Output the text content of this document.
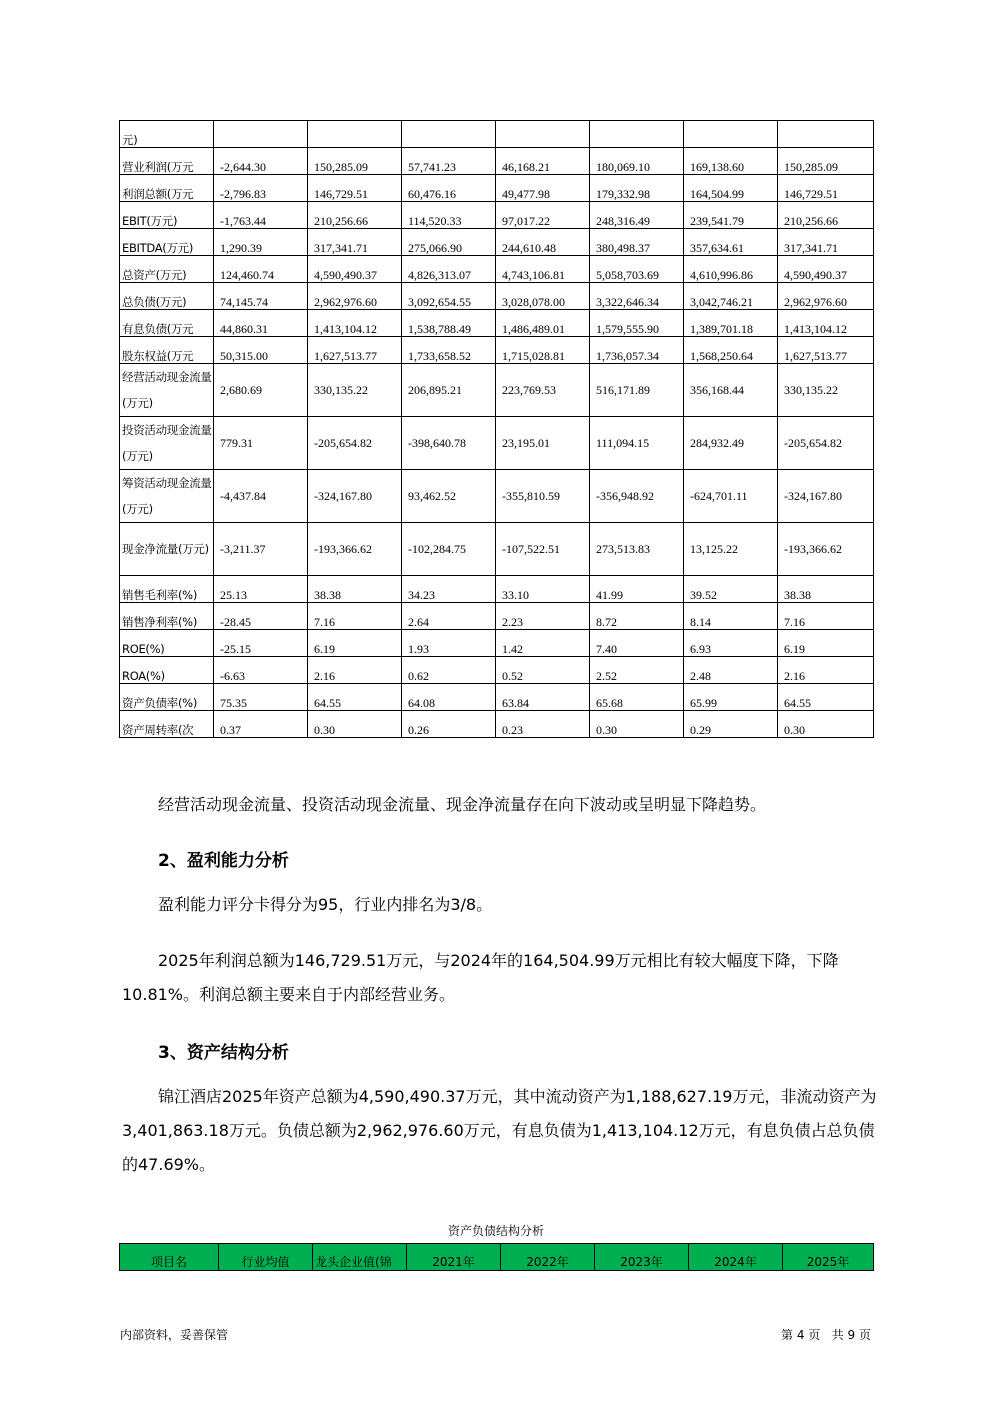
元)							
营业利润(万元	-2,644.30	150,285.09	57,741.23	46,168.21	180,069.10	169,138.60	150,285.09
利润总额(万元	-2,796.83	146,729.51	60,476.16	49,477.98	179,332.98	164,504.99	146,729.51
EBIT(万元)	-1,763.44	210,256.66	114,520.33	97,017.22	248,316.49	239,541.79	210,256.66
EBITDA(万元)	1,290.39	317,341.71	275,066.90	244,610.48	380,498.37	357,634.61	317,341.71
总资产(万元)	124,460.74	4,590,490.37	4,826,313.07	4,743,106.81	5,058,703.69	4,610,996.86	4,590,490.37
总负债(万元)	74,145.74	2,962,976.60	3,092,654.55	3,028,078.00	3,322,646.34	3,042,746.21	2,962,976.60
有息负债(万元	44,860.31	1,413,104.12	1,538,788.49	1,486,489.01	1,579,555.90	1,389,701.18	1,413,104.12
股东权益(万元	50,315.00	1,627,513.77	1,733,658.52	1,715,028.81	1,736,057.34	1,568,250.64	1,627,513.77
经营活动现金流量(万元)	2,680.69	330,135.22	206,895.21	223,769.53	516,171.89	356,168.44	330,135.22
投资活动现金流量(万元)	779.31	-205,654.82	-398,640.78	23,195.01	111,094.15	284,932.49	-205,654.82
筹资活动现金流量(万元)	-4,437.84	-324,167.80	93,462.52	-355,810.59	-356,948.92	-624,701.11	-324,167.80
现金净流量(万元)	-3,211.37	-193,366.62	-102,284.75	-107,522.51	273,513.83	13,125.22	-193,366.62
销售毛利率(%)	25.13	38.38	34.23	33.10	41.99	39.52	38.38
销售净利率(%)	-28.45	7.16	2.64	2.23	8.72	8.14	7.16
ROE(%)	-25.15	6.19	1.93	1.42	7.40	6.93	6.19
ROA(%)	-6.63	2.16	0.62	0.52	2.52	2.48	2.16
资产负债率(%)	75.35	64.55	64.08	63.84	65.68	65.99	64.55
资产周转率(次	0.37	0.30	0.26	0.23	0.30	0.29	0.30

经营活动现金流量、投资活动现金流量、现金净流量存在向下波动或呈明显下降趋势。

2、盈利能力分析

盈利能力评分卡得分为95，行业内排名为3/8。

2025年利润总额为146,729.51万元，与2024年的164,504.99万元相比有较大幅度下降，下降10.81%。利润总额主要来自于内部经营业务。

3、资产结构分析

锦江酒店2025年资产总额为4,590,490.37万元，其中流动资产为1,188,627.19万元，非流动资产为3,401,863.18万元。负债总额为2,962,976.60万元，有息负债为1,413,104.12万元，有息负债占总负债的47.69%。

资产负债结构分析
项目名	行业均值	龙头企业值(锦	2021年	2022年	2023年	2024年	2025年
内部资料，妥善保管	第 4 页   共 9 页
